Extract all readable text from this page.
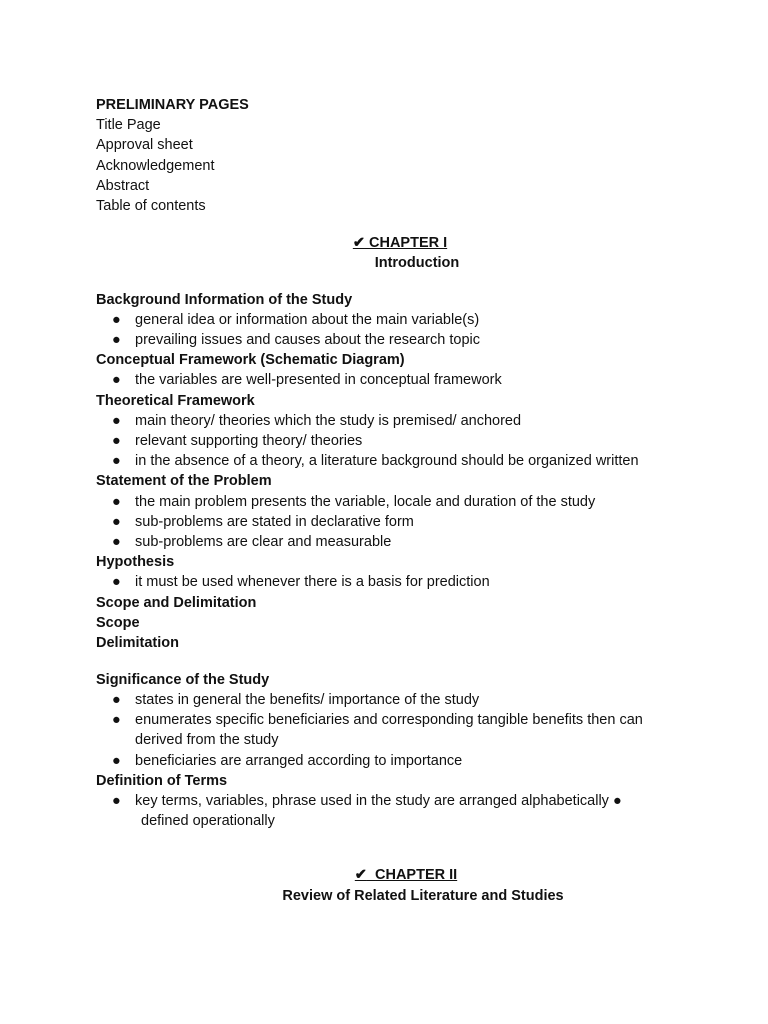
PRELIMINARY PAGES
Title Page
Approval sheet
Acknowledgement
Abstract
Table of contents
✔ CHAPTER I
Introduction
Background Information of the Study
● general idea or information about the main variable(s)
● prevailing issues and causes about the research topic
Conceptual Framework (Schematic Diagram)
● the variables are well-presented in conceptual framework
Theoretical Framework
● main theory/ theories which the study is premised/ anchored
● relevant supporting theory/ theories
● in the absence of a theory, a literature background should be organized written
Statement of the Problem
● the main problem presents the variable, locale and duration of the study
● sub-problems are stated in declarative form
● sub-problems are clear and measurable
Hypothesis
● it must be used whenever there is a basis for prediction
Scope and Delimitation
Scope
Delimitation
Significance of the Study
● states in general the benefits/ importance of the study
● enumerates specific beneficiaries and corresponding tangible benefits then can
derived from the study
● beneficiaries are arranged according to importance
Definition of Terms
● key terms, variables, phrase used in the study are arranged alphabetically ●
defined operationally
✔ CHAPTER II
Review of Related Literature and Studies
